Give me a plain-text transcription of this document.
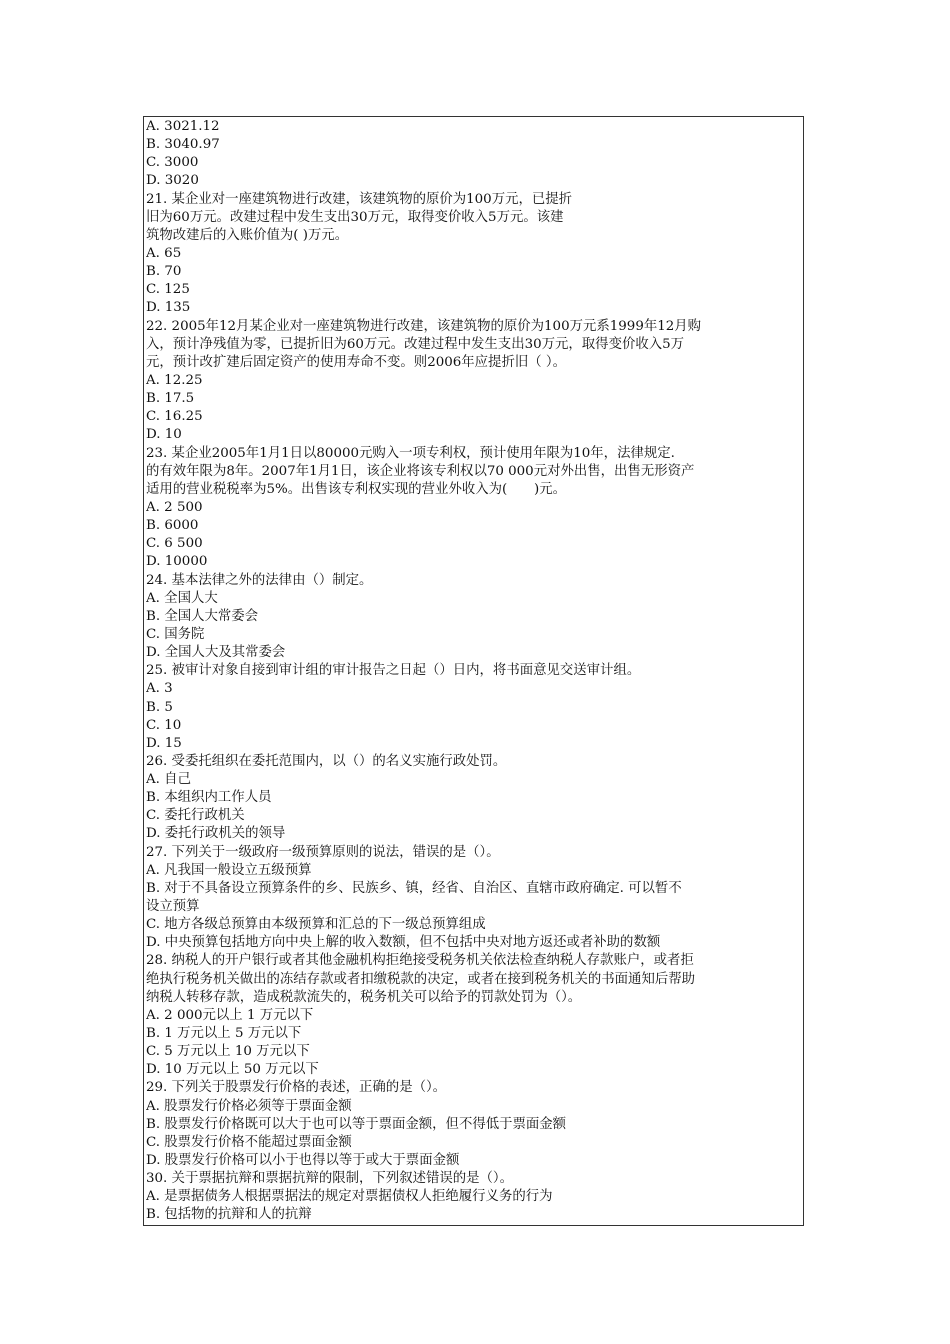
A. 3021.12
B. 3040.97
C. 3000
D. 3020
21. 某企业对一座建筑物进行改建，该建筑物的原价为100万元，已提折
旧为60万元。改建过程中发生支出30万元，取得变价收入5万元。该建
筑物改建后的入账价值为( )万元。
A. 65
B. 70
C. 125
D. 135
22. 2005年12月某企业对一座建筑物进行改建，该建筑物的原价为100万元系1999年12月购
入，预计净残值为零，已提折旧为60万元。改建过程中发生支出30万元，取得变价收入5万
元，预计改扩建后固定资产的使用寿命不变。则2006年应提折旧（ ）。
A. 12.25
B. 17.5
C. 16.25
D. 10
23. 某企业2005年1月1日以80000元购入一项专利权，预计使用年限为10年，法律规定.
的有效年限为8年。2007年1月1日，该企业将该专利权以70 000元对外出售，出售无形资产
适用的营业税税率为5%。出售该专利权实现的营业外收入为(　　)元。
A. 2 500
B. 6000
C. 6 500
D. 10000
24. 基本法律之外的法律由（）制定。
A. 全国人大
B. 全国人大常委会
C. 国务院
D. 全国人大及其常委会
25. 被审计对象自接到审计组的审计报告之日起（）日内，将书面意见交送审计组。
A. 3
B. 5
C. 10
D. 15
26. 受委托组织在委托范围内，以（）的名义实施行政处罚。
A. 自己
B. 本组织内工作人员
C. 委托行政机关
D. 委托行政机关的领导
27. 下列关于一级政府一级预算原则的说法，错误的是（）。
A. 凡我国一般设立五级预算
B. 对于不具备设立预算条件的乡、民族乡、镇，经省、自治区、直辖市政府确定. 可以暂不
设立预算
C. 地方各级总预算由本级预算和汇总的下一级总预算组成
D. 中央预算包括地方向中央上解的收入数额，但不包括中央对地方返还或者补助的数额
28. 纳税人的开户银行或者其他金融机构拒绝接受税务机关依法检查纳税人存款账户，或者拒
绝执行税务机关做出的冻结存款或者扣缴税款的决定，或者在接到税务机关的书面通知后帮助
纳税人转移存款，造成税款流失的，税务机关可以给予的罚款处罚为（）。
A. 2 000元以上 1 万元以下
B. 1 万元以上 5 万元以下
C. 5 万元以上 10 万元以下
D. 10 万元以上 50 万元以下
29. 下列关于股票发行价格的表述，正确的是（）。
A. 股票发行价格必须等于票面金额
B. 股票发行价格既可以大于也可以等于票面金额，但不得低于票面金额
C. 股票发行价格不能超过票面金额
D. 股票发行价格可以小于也得以等于或大于票面金额
30. 关于票据抗辩和票据抗辩的限制，下列叙述错误的是（）。
A. 是票据债务人根据票据法的规定对票据债权人拒绝履行义务的行为
B. 包括物的抗辩和人的抗辩
